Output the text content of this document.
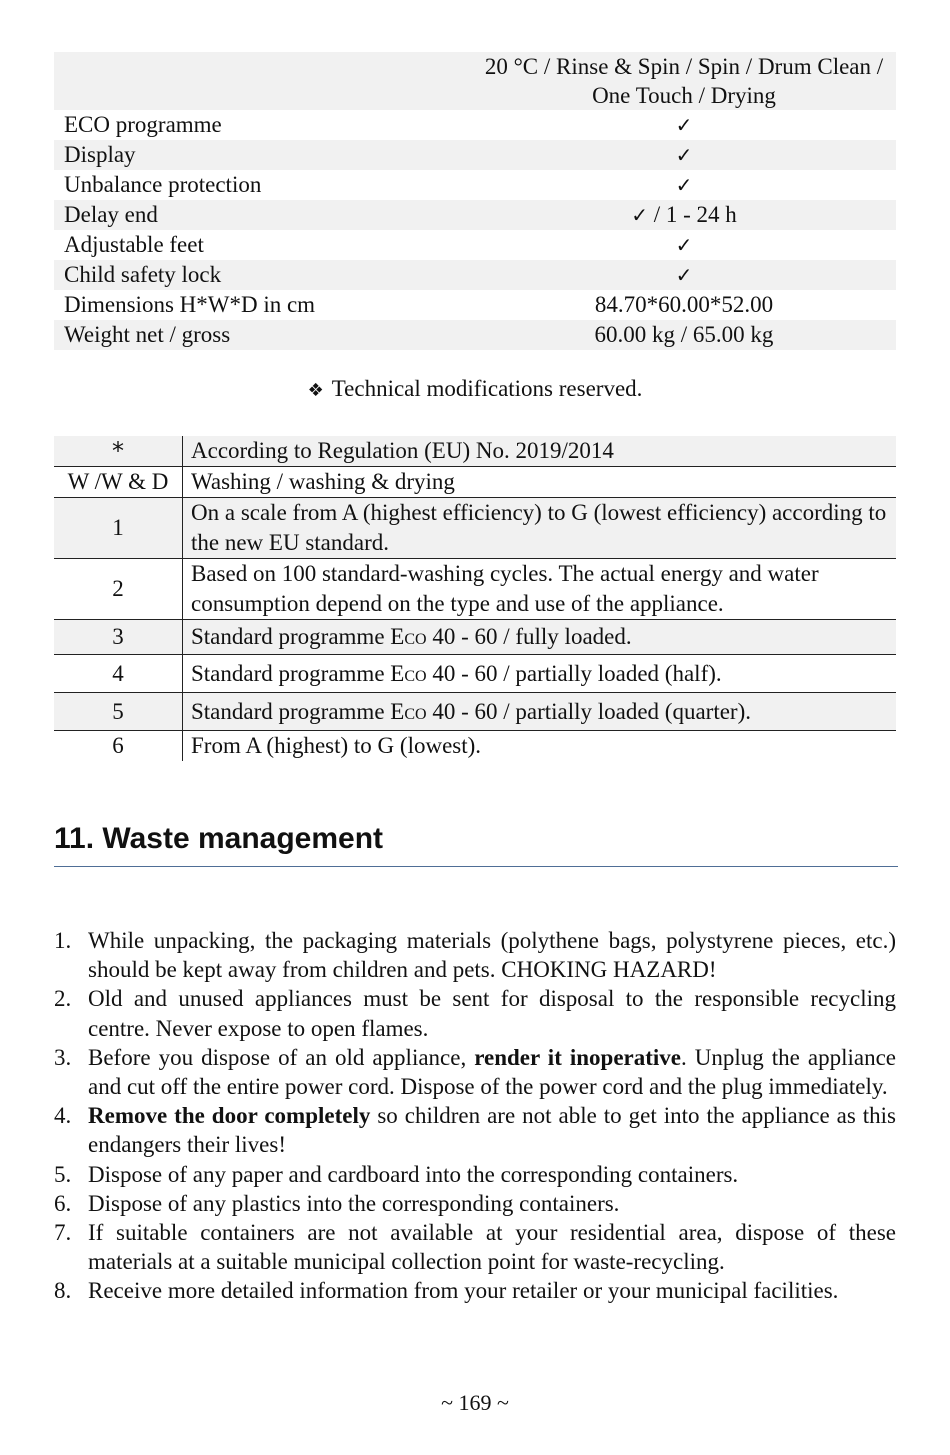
	20 °C / Rinse & Spin / Spin / Drum Clean / One Touch / Drying
ECO programme	✓
Display	✓
Unbalance protection	✓
Delay end	✓ / 1 - 24 h
Adjustable feet	✓
Child safety lock	✓
Dimensions H*W*D in cm	84.70*60.00*52.00
Weight net / gross	60.00 kg / 65.00 kg
❖ Technical modifications reserved.
*	According to Regulation (EU) No. 2019/2014
W /W & D	Washing / washing & drying
1	On a scale from A (highest efficiency) to G (lowest efficiency) according to the new EU standard.
2	Based on 100 standard-washing cycles. The actual energy and water consumption depend on the type and use of the appliance.
3	Standard programme Eco 40 - 60 / fully loaded.
4	Standard programme Eco 40 - 60 / partially loaded (half).
5	Standard programme Eco 40 - 60 / partially loaded (quarter).
6	From A (highest) to G (lowest).
11. Waste management
1. While unpacking, the packaging materials (polythene bags, polystyrene pieces, etc.) should be kept away from children and pets. CHOKING HAZARD!
2. Old and unused appliances must be sent for disposal to the responsible recycling centre. Never expose to open flames.
3. Before you dispose of an old appliance, render it inoperative. Unplug the appliance and cut off the entire power cord. Dispose of the power cord and the plug immediately.
4. Remove the door completely so children are not able to get into the appliance as this endangers their lives!
5. Dispose of any paper and cardboard into the corresponding containers.
6. Dispose of any plastics into the corresponding containers.
7. If suitable containers are not available at your residential area, dispose of these materials at a suitable municipal collection point for waste-recycling.
8. Receive more detailed information from your retailer or your municipal facilities.
~ 169 ~
